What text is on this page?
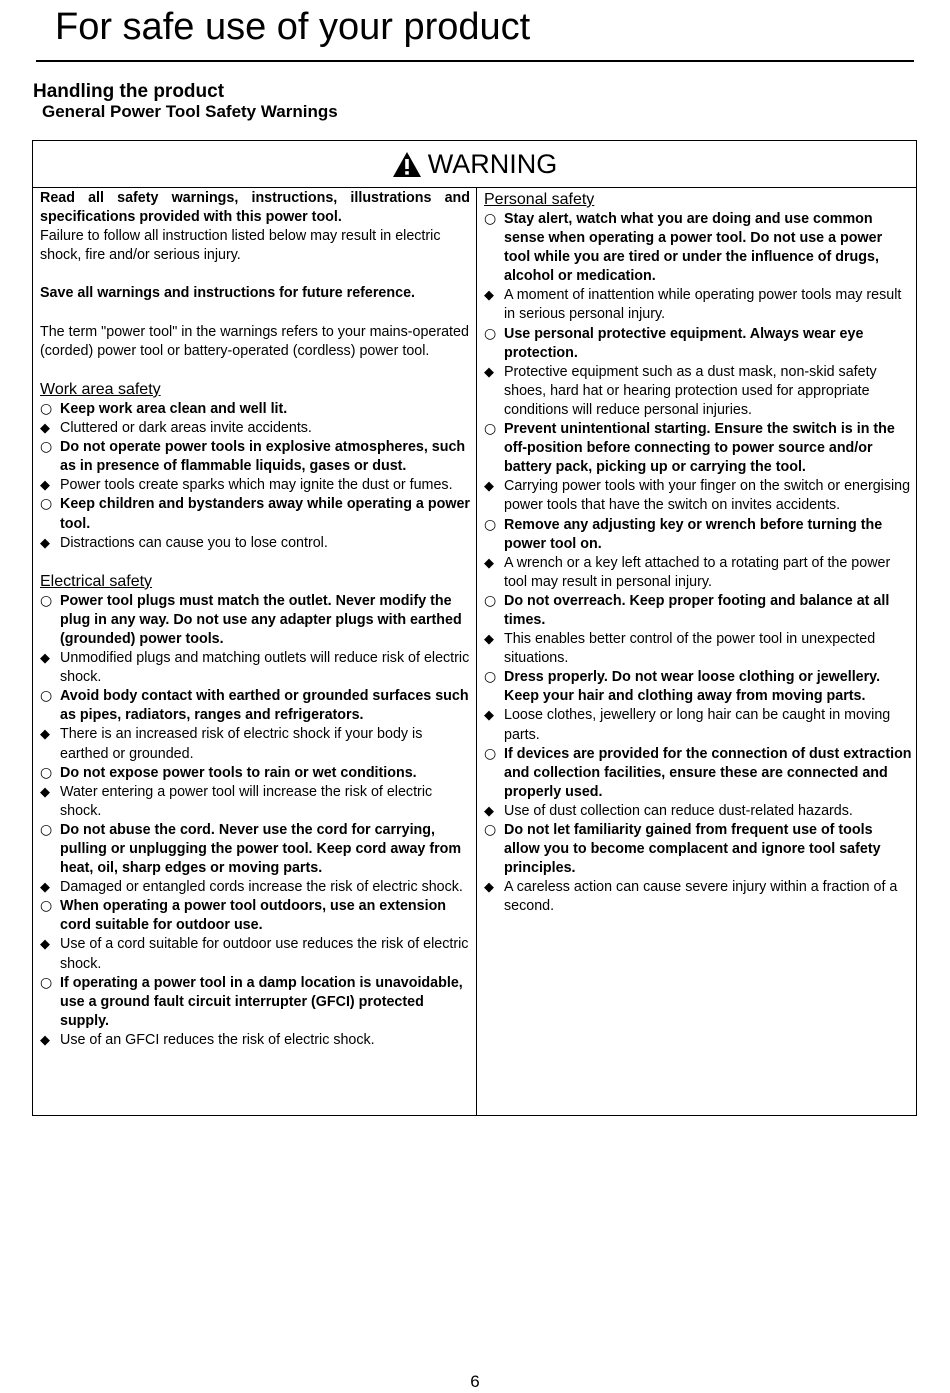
For safe use of your product
Handling the product
General Power Tool Safety Warnings
WARNING

Read all safety warnings, instructions, illustrations and specifications provided with this power tool.

Failure to follow all instruction listed below may result in electric shock, fire and/or serious injury.

Save all warnings and instructions for future reference.

The term "power tool" in the warnings refers to your mains-operated (corded) power tool or battery-operated (cordless) power tool.

Work area safety

○ Keep work area clean and well lit.
◆ Cluttered or dark areas invite accidents.
○ Do not operate power tools in explosive atmospheres, such as in presence of flammable liquids, gases or dust.
◆ Power tools create sparks which may ignite the dust or fumes.
○ Keep children and bystanders away while operating a power tool.
◆ Distractions can cause you to lose control.

Electrical safety

○ Power tool plugs must match the outlet. Never modify the plug in any way. Do not use any adapter plugs with earthed (grounded) power tools.
◆ Unmodified plugs and matching outlets will reduce risk of electric shock.
○ Avoid body contact with earthed or grounded surfaces such as pipes, radiators, ranges and refrigerators.
◆ There is an increased risk of electric shock if your body is earthed or grounded.
○ Do not expose power tools to rain or wet conditions.
◆ Water entering a power tool will increase the risk of electric shock.
○ Do not abuse the cord. Never use the cord for carrying, pulling or unplugging the power tool. Keep cord away from heat, oil, sharp edges or moving parts.
◆ Damaged or entangled cords increase the risk of electric shock.
○ When operating a power tool outdoors, use an extension cord suitable for outdoor use.
◆ Use of a cord suitable for outdoor use reduces the risk of electric shock.
○ If operating a power tool in a damp location is unavoidable, use a ground fault circuit interrupter (GFCI) protected supply.
◆ Use of an GFCI reduces the risk of electric shock.

Personal safety

○ Stay alert, watch what you are doing and use common sense when operating a power tool. Do not use a power tool while you are tired or under the influence of drugs, alcohol or medication.
◆ A moment of inattention while operating power tools may result in serious personal injury.
○ Use personal protective equipment. Always wear eye protection.
◆ Protective equipment such as a dust mask, non-skid safety shoes, hard hat or hearing protection used for appropriate conditions will reduce personal injuries.
○ Prevent unintentional starting. Ensure the switch is in the off-position before connecting to power source and/or battery pack, picking up or carrying the tool.
◆ Carrying power tools with your finger on the switch or energising power tools that have the switch on invites accidents.
○ Remove any adjusting key or wrench before turning the power tool on.
◆ A wrench or a key left attached to a rotating part of the power tool may result in personal injury.
○ Do not overreach. Keep proper footing and balance at all times.
◆ This enables better control of the power tool in unexpected situations.
○ Dress properly. Do not wear loose clothing or jewellery. Keep your hair and clothing away from moving parts.
◆ Loose clothes, jewellery or long hair can be caught in moving parts.
○ If devices are provided for the connection of dust extraction and collection facilities, ensure these are connected and properly used.
◆ Use of dust collection can reduce dust-related hazards.
○ Do not let familiarity gained from frequent use of tools allow you to become complacent and ignore tool safety principles.
◆ A careless action can cause severe injury within a fraction of a second.
6
